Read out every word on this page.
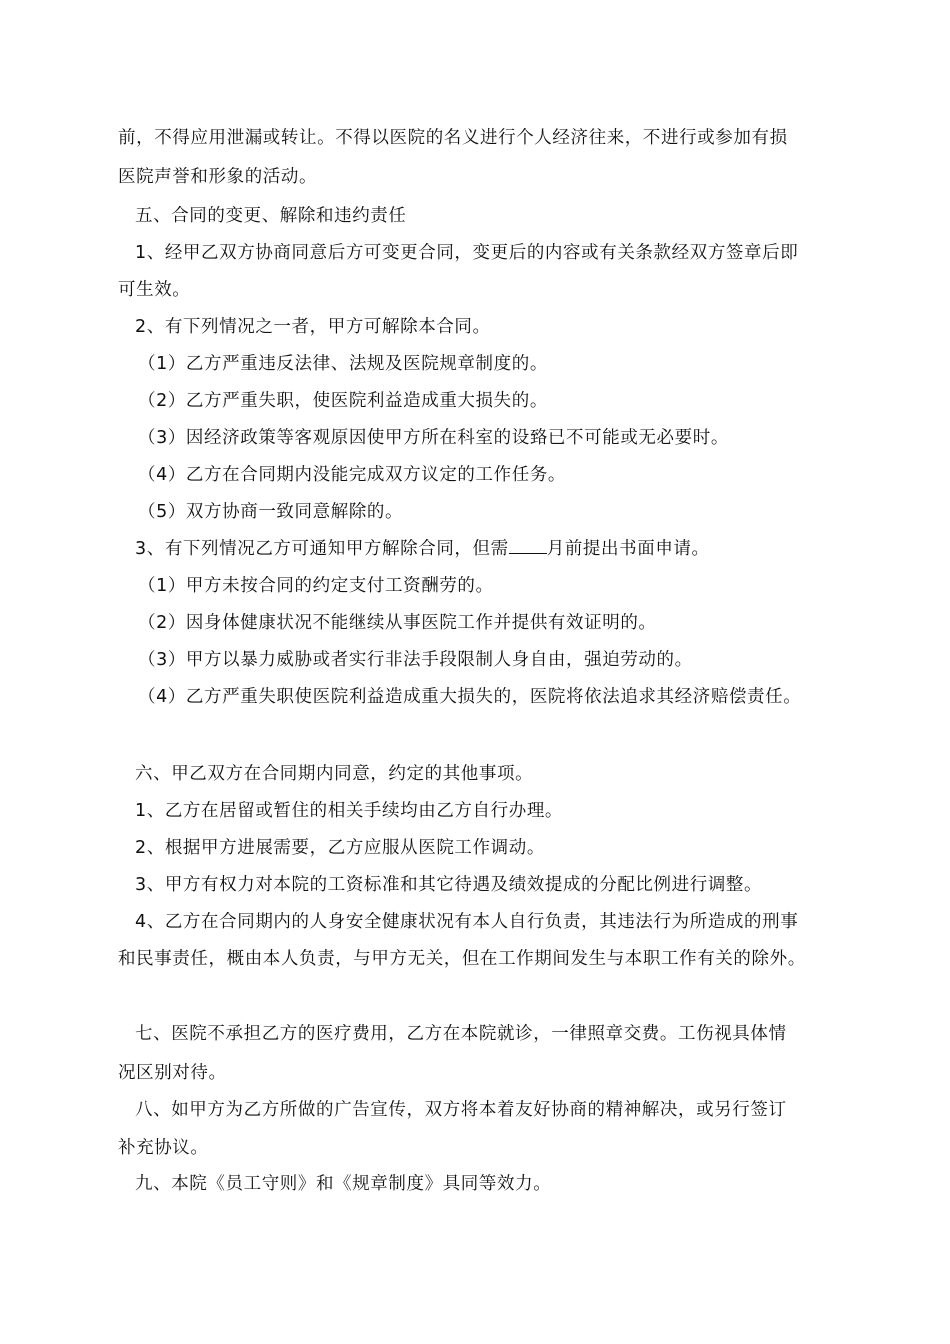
前，不得应用泄漏或转让。不得以医院的名义进行个人经济往来，不进行或参加有损

医院声誉和形象的活动。

五、合同的变更、解除和违约责任

1、经甲乙双方协商同意后方可变更合同，变更后的内容或有关条款经双方签章后即

可生效。

2、有下列情况之一者，甲方可解除本合同。

（1）乙方严重违反法律、法规及医院规章制度的。

（2）乙方严重失职，使医院利益造成重大损失的。

（3）因经济政策等客观原因使甲方所在科室的设臵已不可能或无必要时。

（4）乙方在合同期内没能完成双方议定的工作任务。

（5）双方协商一致同意解除的。

3、有下列情况乙方可通知甲方解除合同，但需 月前提出书面申请。

（1）甲方未按合同的约定支付工资酬劳的。

（2）因身体健康状况不能继续从事医院工作并提供有效证明的。

（3）甲方以暴力威胁或者实行非法手段限制人身自由，强迫劳动的。

（4）乙方严重失职使医院利益造成重大损失的，医院将依法追求其经济赔偿责任。

六、甲乙双方在合同期内同意，约定的其他事项。

1、乙方在居留或暂住的相关手续均由乙方自行办理。

2、根据甲方进展需要，乙方应服从医院工作调动。

3、甲方有权力对本院的工资标准和其它待遇及绩效提成的分配比例进行调整。

4、乙方在合同期内的人身安全健康状况有本人自行负责，其违法行为所造成的刑事

和民事责任，概由本人负责，与甲方无关，但在工作期间发生与本职工作有关的除外。

七、医院不承担乙方的医疗费用，乙方在本院就诊，一律照章交费。工伤视具体情

况区别对待。

八、如甲方为乙方所做的广告宣传，双方将本着友好协商的精神解决，或另行签订

补充协议。

九、本院《员工守则》和《规章制度》具同等效力。
